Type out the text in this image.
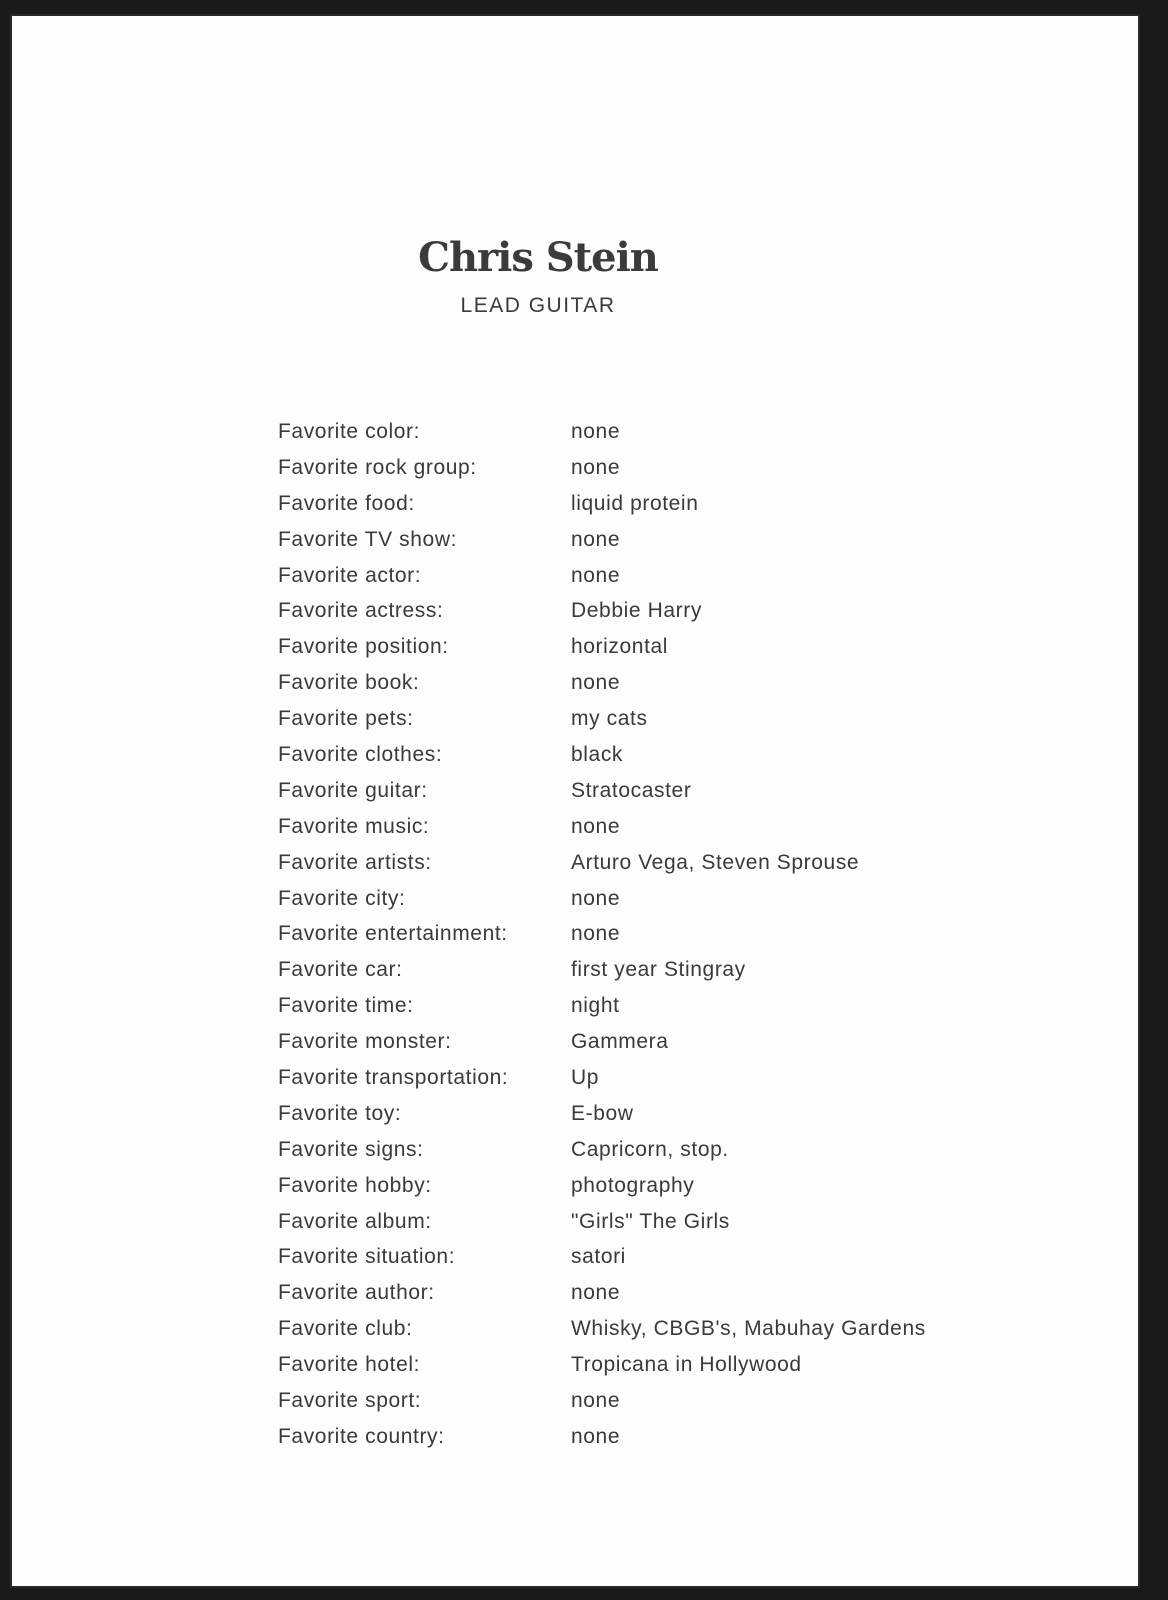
Chris Stein
LEAD GUITAR
Favorite color:	none
Favorite rock group:	none
Favorite food:	liquid protein
Favorite TV show:	none
Favorite actor:	none
Favorite actress:	Debbie Harry
Favorite position:	horizontal
Favorite book:	none
Favorite pets:	my cats
Favorite clothes:	black
Favorite guitar:	Stratocaster
Favorite music:	none
Favorite artists:	Arturo Vega, Steven Sprouse
Favorite city:	none
Favorite entertainment:	none
Favorite car:	first year Stingray
Favorite time:	night
Favorite monster:	Gammera
Favorite transportation:	Up
Favorite toy:	E-bow
Favorite signs:	Capricorn, stop.
Favorite hobby:	photography
Favorite album:	"Girls" The Girls
Favorite situation:	satori
Favorite author:	none
Favorite club:	Whisky, CBGB's, Mabuhay Gardens
Favorite hotel:	Tropicana in Hollywood
Favorite sport:	none
Favorite country:	none
